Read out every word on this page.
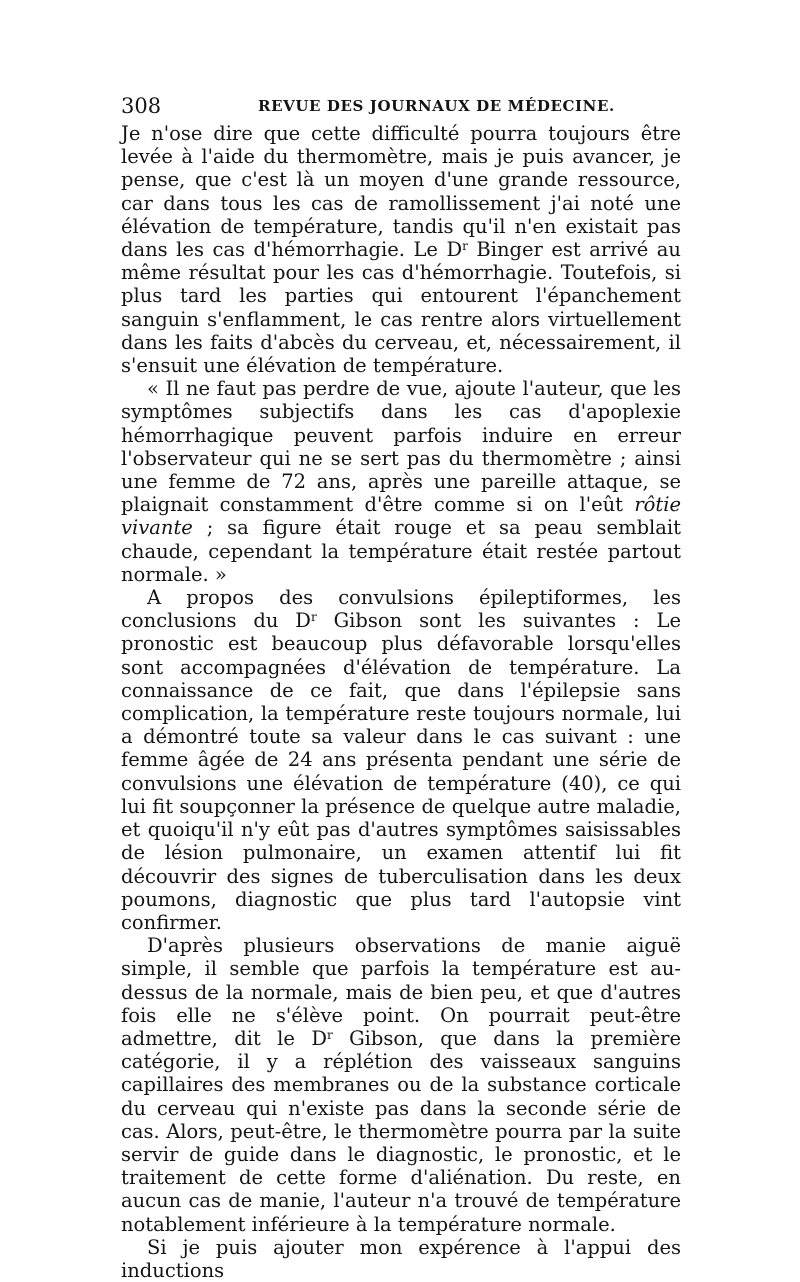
308	REVUE DES JOURNAUX DE MÉDECINE.

Je n'ose dire que cette difficulté pourra toujours être levée à l'aide du thermomètre, mais je puis avancer, je pense, que c'est là un moyen d'une grande ressource, car dans tous les cas de ramollissement j'ai noté une élévation de température, tandis qu'il n'en existait pas dans les cas d'hémorrhagie. Le $D^r$ Binger est arrivé au même résultat pour les cas d'hémorrhagie. Toutefois, si plus tard les parties qui entourent l'épanchement sanguin s'enflamment, le cas rentre alors virtuellement dans les faits d'abcès du cerveau, et, nécessairement, il s'ensuit une élévation de température.

« Il ne faut pas perdre de vue, ajoute l'auteur, que les symptômes subjectifs dans les cas d'apoplexie hémorrhagique peuvent parfois induire en erreur l'observateur qui ne se sert pas du thermomètre ; ainsi une femme de 72 ans, après une pareille attaque, se plaignait constamment d'être comme si on l'eût rôtie vivante ; sa figure était rouge et sa peau semblait chaude, cependant la température était restée partout normale. »

A propos des convulsions épileptiformes, les conclusions du $D^r$ Gibson sont les suivantes : Le pronostic est beaucoup plus défavorable lorsqu'elles sont accompagnées d'élévation de température. La connaissance de ce fait, que dans l'épilepsie sans complication, la température reste toujours normale, lui a démontré toute sa valeur dans le cas suivant : une femme âgée de 24 ans présenta pendant une série de convulsions une élévation de température (40), ce qui lui fit soupçonner la présence de quelque autre maladie, et quoiqu'il n'y eût pas d'autres symptômes saisissables de lésion pulmonaire, un examen attentif lui fit découvrir des signes de tuberculisation dans les deux poumons, diagnostic que plus tard l'autopsie vint confirmer.

D'après plusieurs observations de manie aiguë simple, il semble que parfois la température est au-dessus de la normale, mais de bien peu, et que d'autres fois elle ne s'élève point. On pourrait peut-être admettre, dit le $D^r$ Gibson, que dans la première catégorie, il y a réplétion des vaisseaux sanguins capillaires des membranes ou de la substance corticale du cerveau qui n'existe pas dans la seconde série de cas. Alors, peut-être, le thermomètre pourra par la suite servir de guide dans le diagnostic, le pronostic, et le traitement de cette forme d'aliénation. Du reste, en aucun cas de manie, l'auteur n'a trouvé de température notablement inférieure à la température normale.

Si je puis ajouter mon expérence à l'appui des inductions
